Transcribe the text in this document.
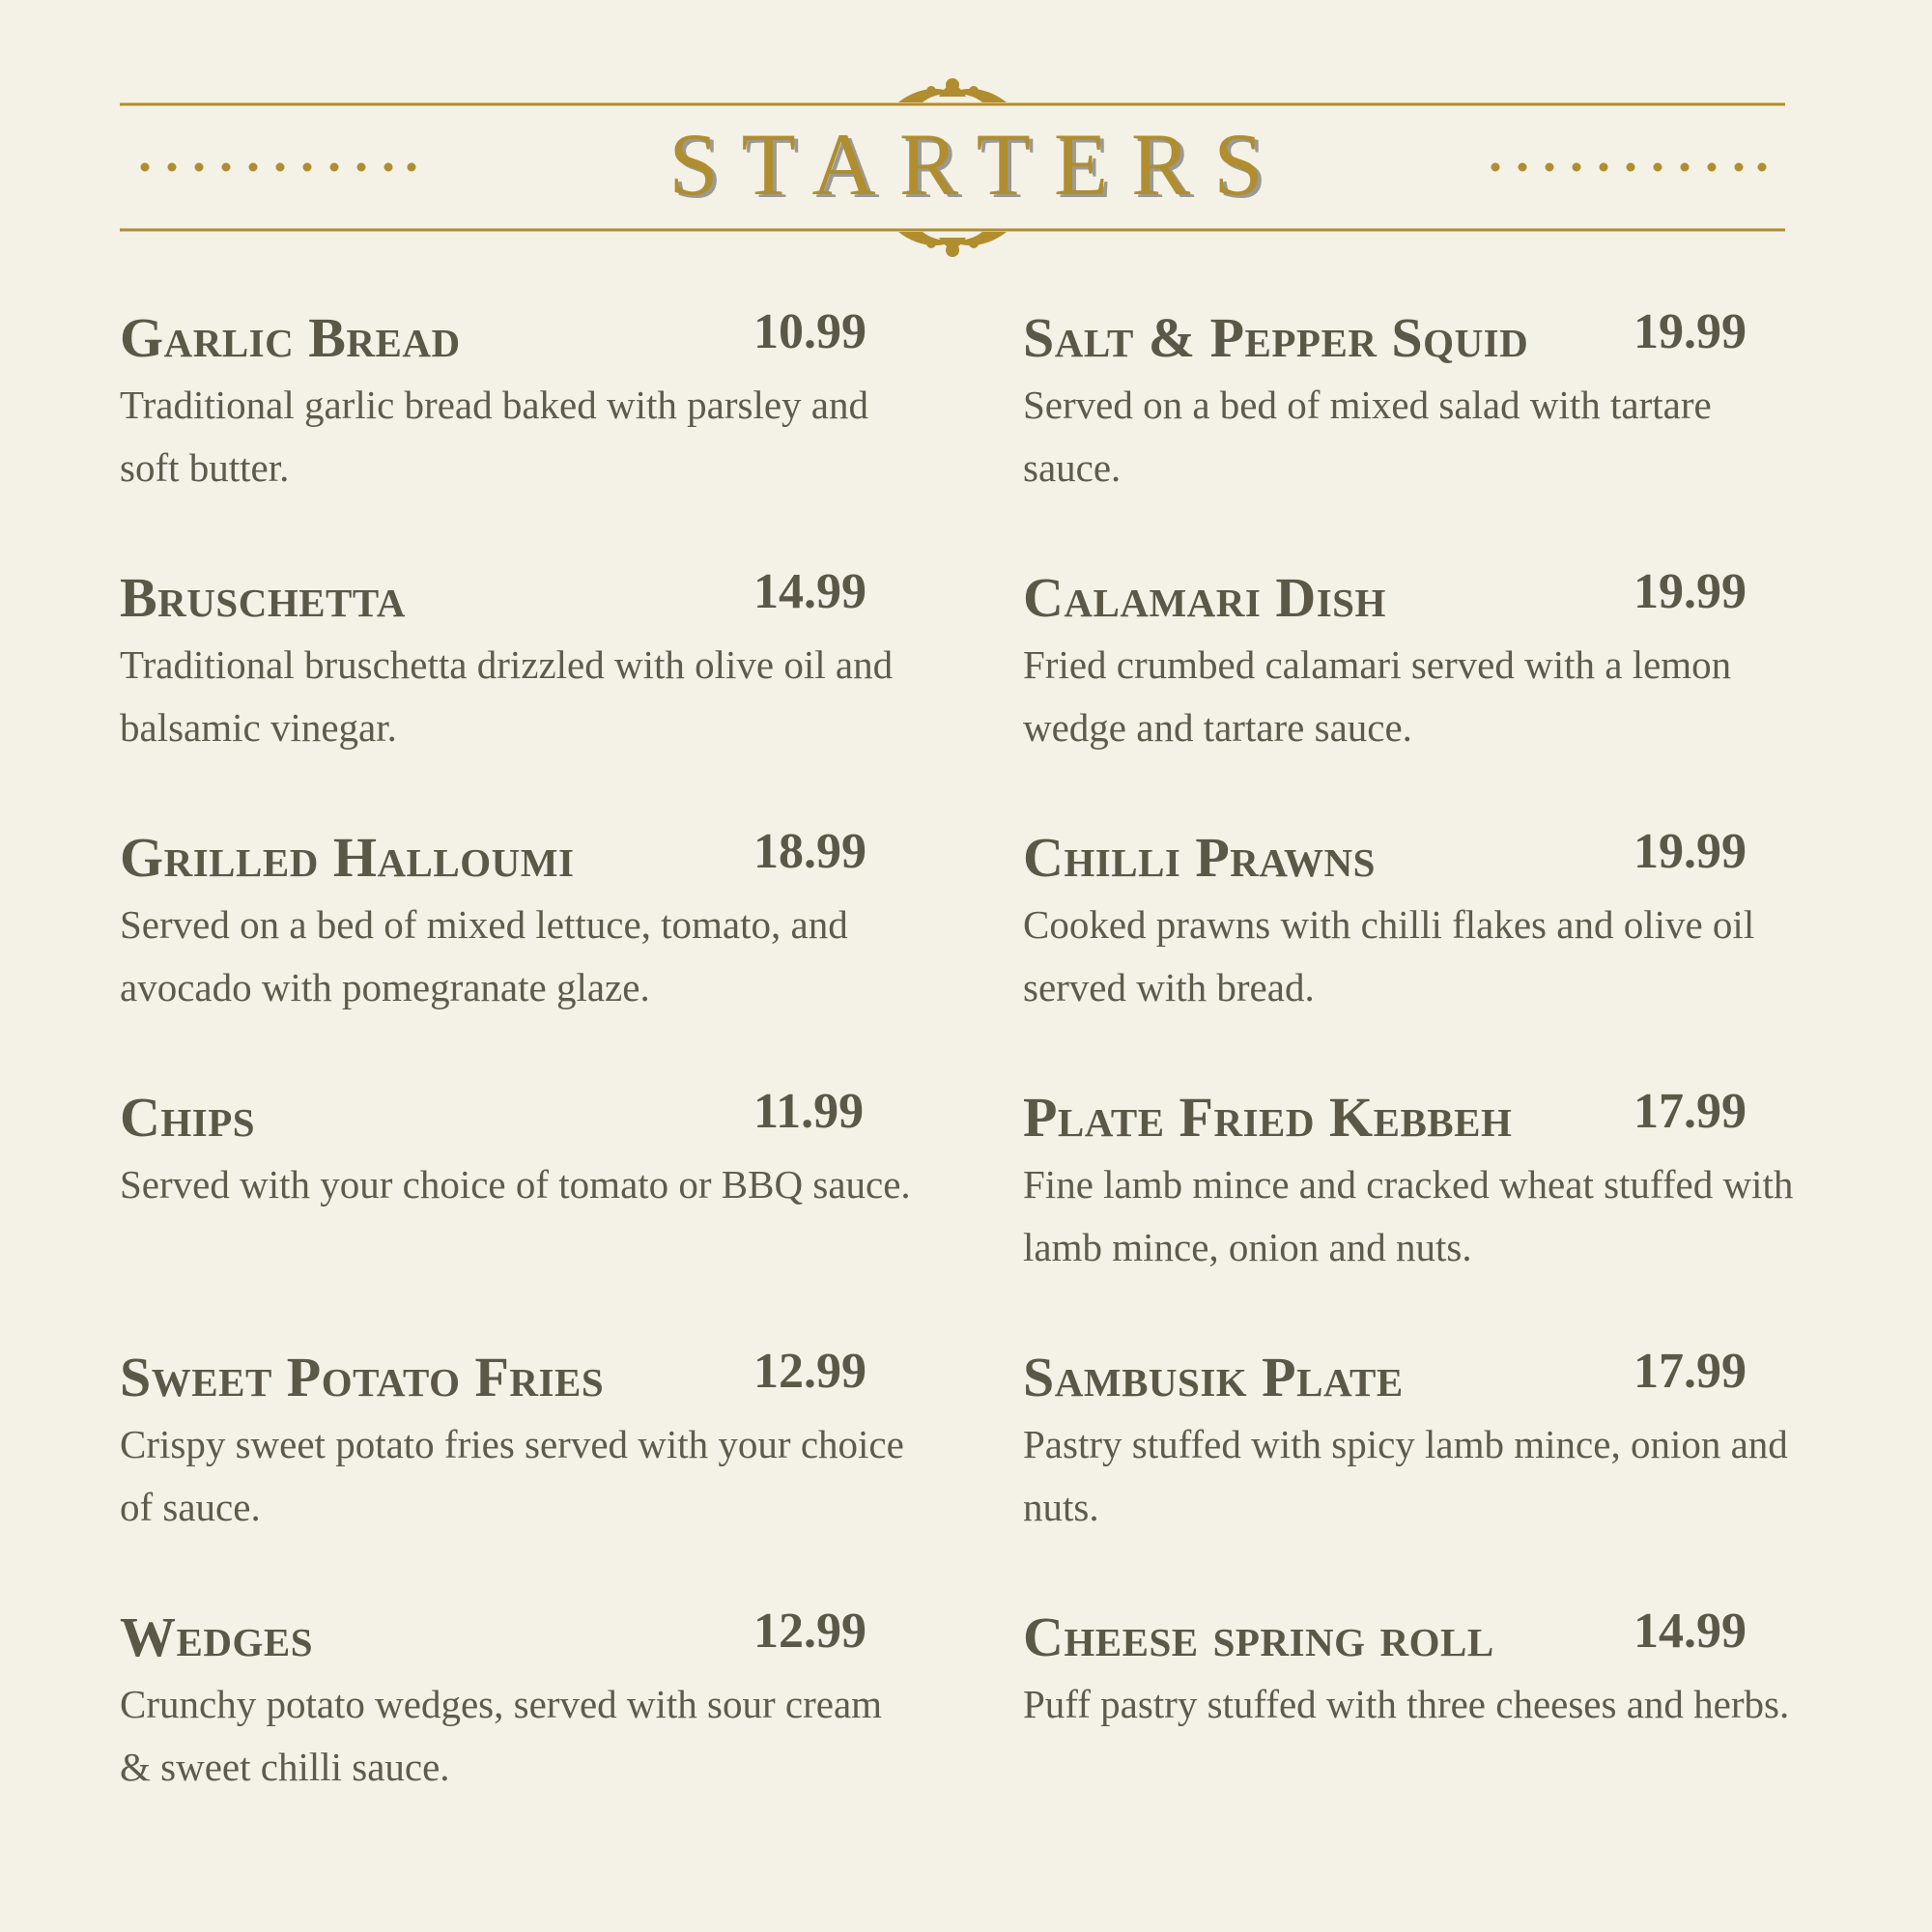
STARTERS
Garlic Bread	10.99
Traditional garlic bread baked with parsley and soft butter.
Bruschetta	14.99
Traditional bruschetta drizzled with olive oil and balsamic vinegar.
Grilled Halloumi	18.99
Served on a bed of mixed lettuce, tomato, and avocado with pomegranate glaze.
Chips	11.99
Served with your choice of tomato or BBQ sauce.
Sweet Potato Fries	12.99
Crispy sweet potato fries served with your choice of sauce.
Wedges	12.99
Crunchy potato wedges, served with sour cream & sweet chilli sauce.
Salt & Pepper Squid 19.99
Served on a bed of mixed salad with tartare sauce.
Calamari Dish	19.99
Fried crumbed calamari served with a lemon wedge and tartare sauce.
Chilli Prawns	19.99
Cooked prawns with chilli flakes and olive oil served with bread.
Plate Fried Kebbeh 17.99
Fine lamb mince and cracked wheat stuffed with lamb mince, onion and nuts.
Sambusik Plate	17.99
Pastry stuffed with spicy lamb mince, onion and nuts.
Cheese spring roll	14.99
Puff pastry stuffed with three cheeses and herbs.
